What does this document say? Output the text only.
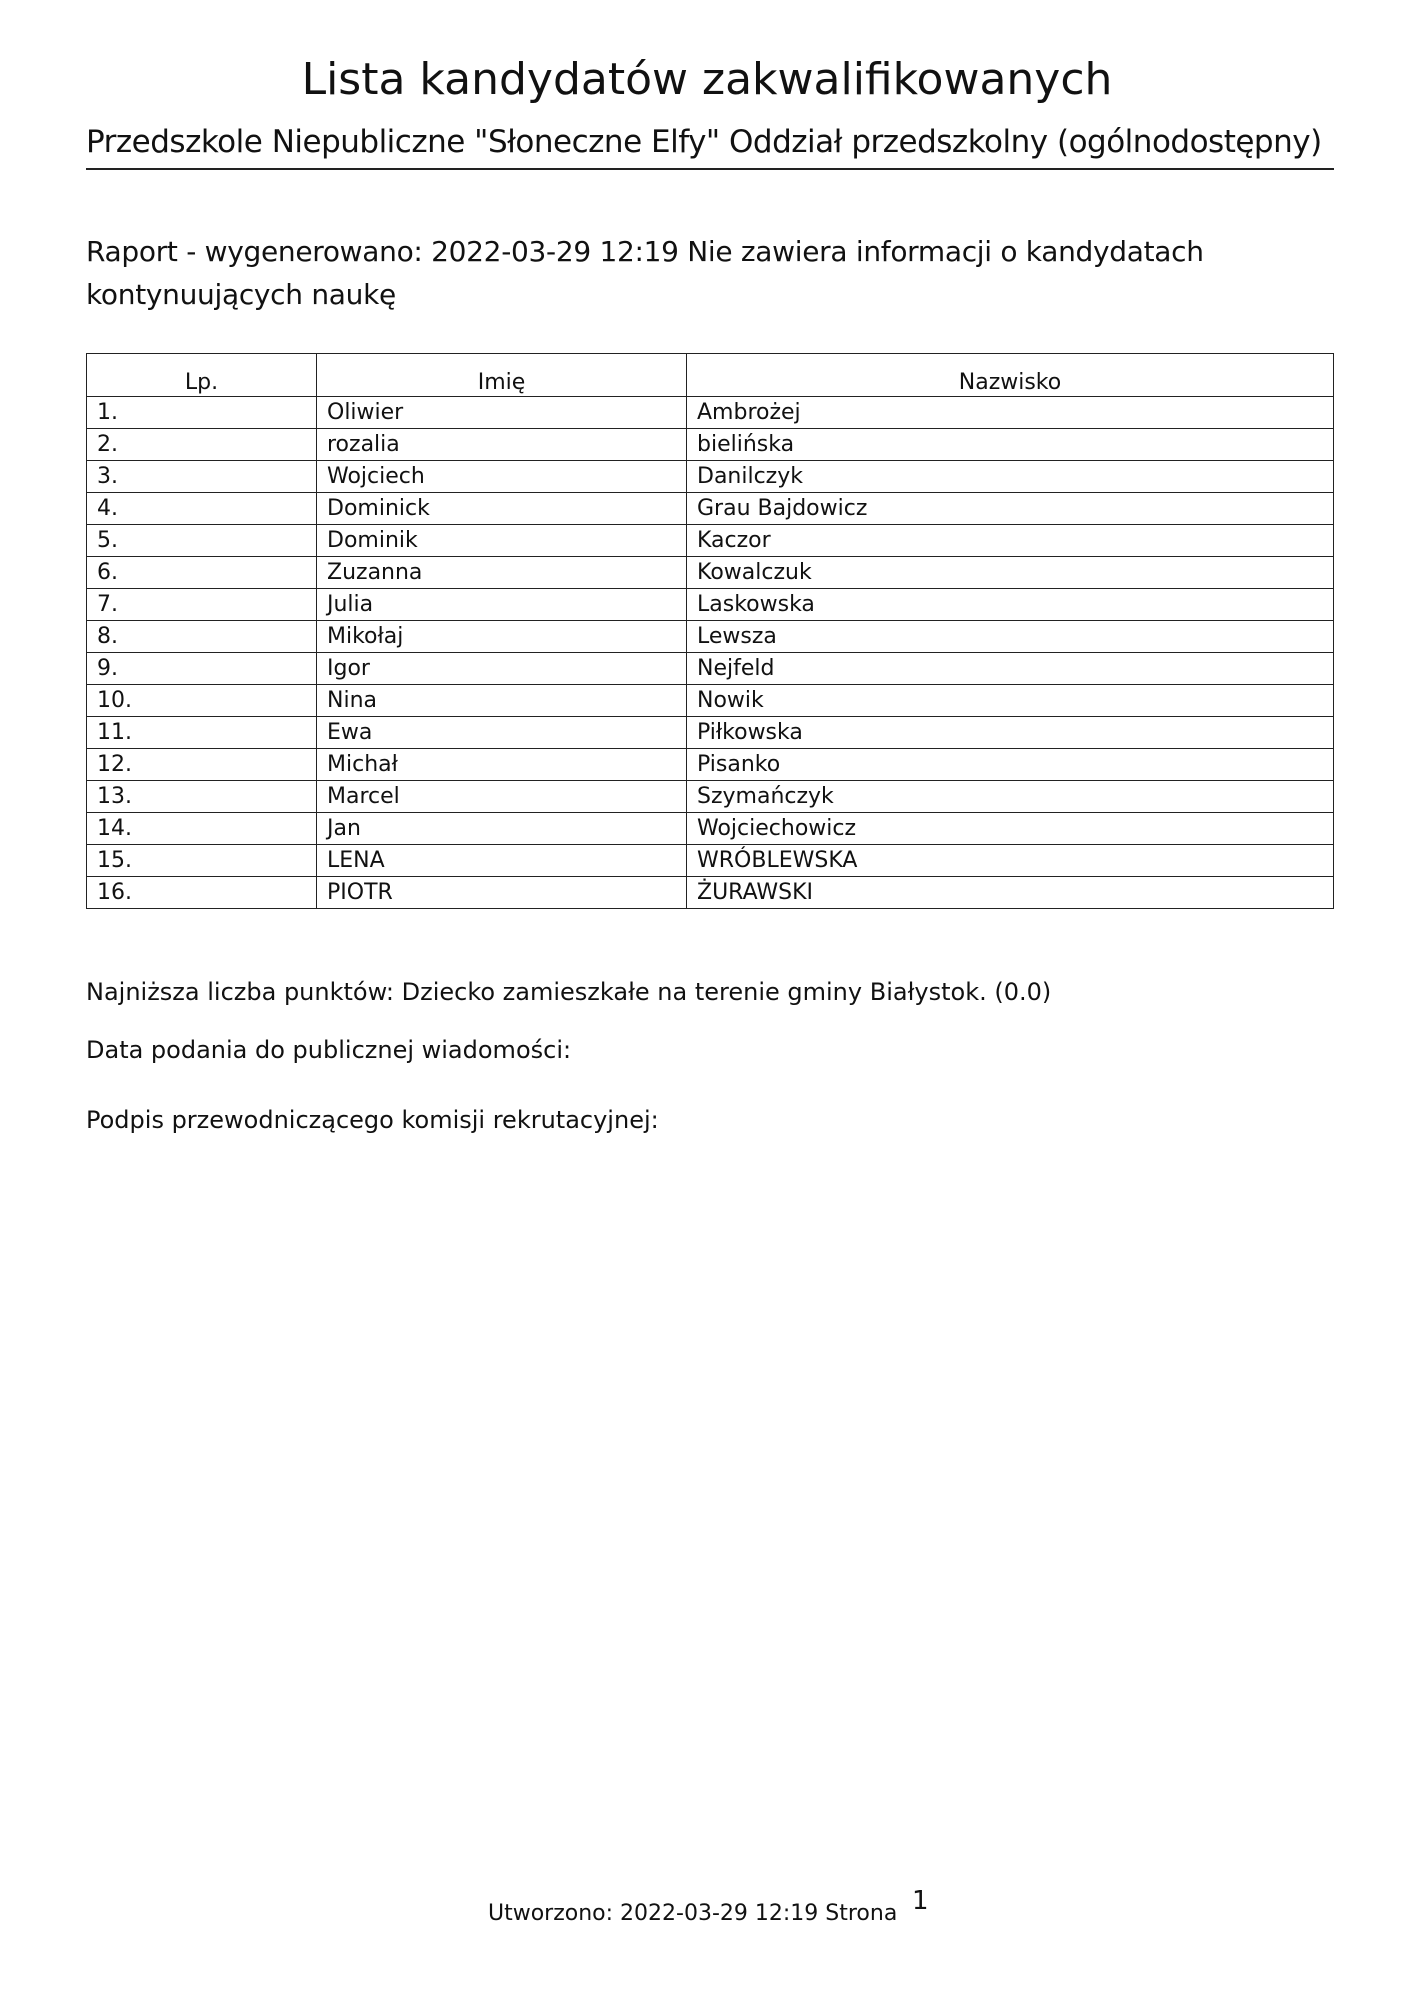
Lista kandydatów zakwalifikowanych
Przedszkole Niepubliczne "Słoneczne Elfy" Oddział przedszkolny (ogólnodostępny)
Raport - wygenerowano: 2022-03-29 12:19 Nie zawiera informacji o kandydatach kontynuujących naukę
Lp.	Imię	Nazwisko
1.	Oliwier	Ambrożej
2.	rozalia	bielińska
3.	Wojciech	Danilczyk
4.	Dominick	Grau Bajdowicz
5.	Dominik	Kaczor
6.	Zuzanna	Kowalczuk
7.	Julia	Laskowska
8.	Mikołaj	Lewsza
9.	Igor	Nejfeld
10.	Nina	Nowik
11.	Ewa	Piłkowska
12.	Michał	Pisanko
13.	Marcel	Szymańczyk
14.	Jan	Wojciechowicz
15.	LENA	WRÓBLEWSKA
16.	PIOTR	ŻURAWSKI
Najniższa liczba punktów: Dziecko zamieszkałe na terenie gminy Białystok. (0.0)
Data podania do publicznej wiadomości:
Podpis przewodniczącego komisji rekrutacyjnej:
Utworzono: 2022-03-29 12:19 Strona 1
